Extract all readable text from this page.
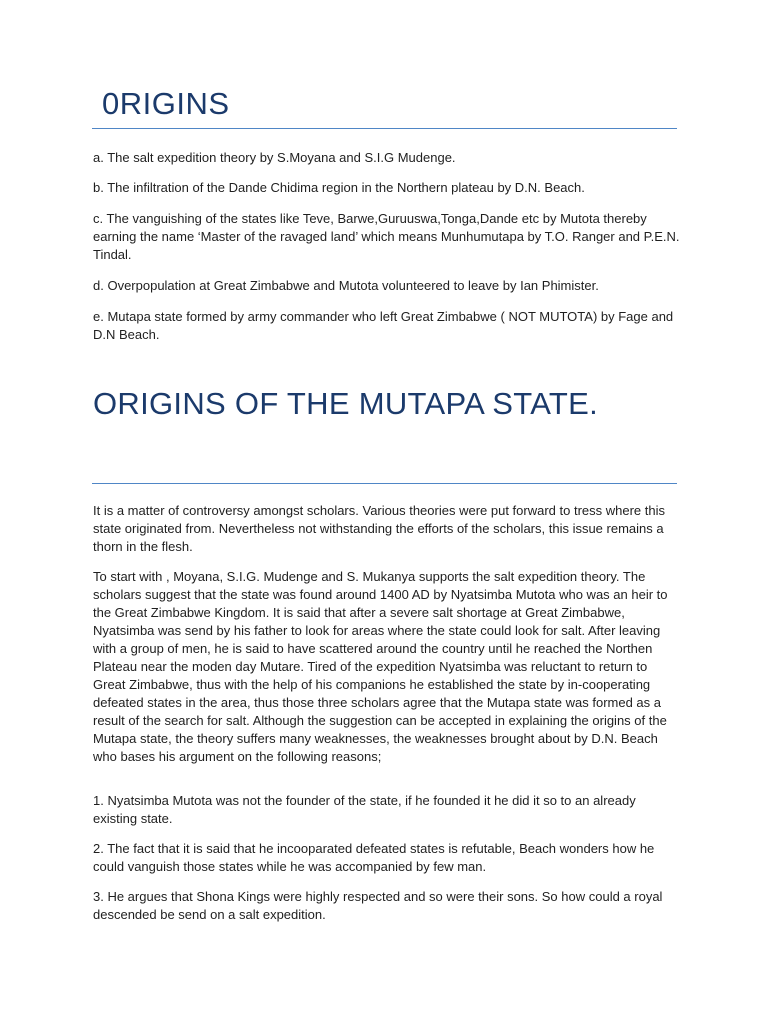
0RIGINS

a. The salt expedition theory by S.Moyana and S.I.G Mudenge.

b. The infiltration of the Dande Chidima region in the Northern plateau by D.N. Beach.

c. The vanguishing of the states like Teve, Barwe,Guruuswa,Tonga,Dande etc by Mutota thereby earning the name ‘Master of the ravaged land’ which means Munhumutapa by T.O. Ranger and P.E.N. Tindal.

d. Overpopulation at Great Zimbabwe and Mutota volunteered to leave by Ian Phimister.

e. Mutapa state formed by army commander who left Great Zimbabwe ( NOT MUTOTA) by Fage and D.N Beach.

ORIGINS OF THE MUTAPA STATE.

It is a matter of controversy amongst scholars. Various theories were put forward to tress where this state originated from. Nevertheless not withstanding the efforts of the scholars, this issue remains a thorn in the flesh.

To start with , Moyana, S.I.G. Mudenge and S. Mukanya supports the salt expedition theory. The scholars suggest that the state was found around 1400 AD by Nyatsimba Mutota who was an heir to the Great Zimbabwe Kingdom. It is said that after a severe salt shortage at Great Zimbabwe, Nyatsimba was send by his father to look for areas where the state could look for salt. After leaving with a group of men, he is said to have scattered around the country until he reached the Northen Plateau near the moden day Mutare. Tired of the expedition Nyatsimba was reluctant to return to Great Zimbabwe, thus with the help of his companions he established the state by in-cooperating defeated states in the area, thus those three scholars agree that the Mutapa state was formed as a result of the search for salt. Although the suggestion can be accepted in explaining the origins of the Mutapa state, the theory suffers many weaknesses, the weaknesses brought about by D.N. Beach who bases his argument on the following reasons;

1. Nyatsimba Mutota was not the founder of the state, if he founded it he did it so to an already existing state.

2. The fact that it is said that he incooparated defeated states is refutable, Beach wonders how he could vanguish those states while he was accompanied by few man.

3. He argues that Shona Kings were highly respected and so were their sons. So how could a royal descended be send on a salt expedition.
